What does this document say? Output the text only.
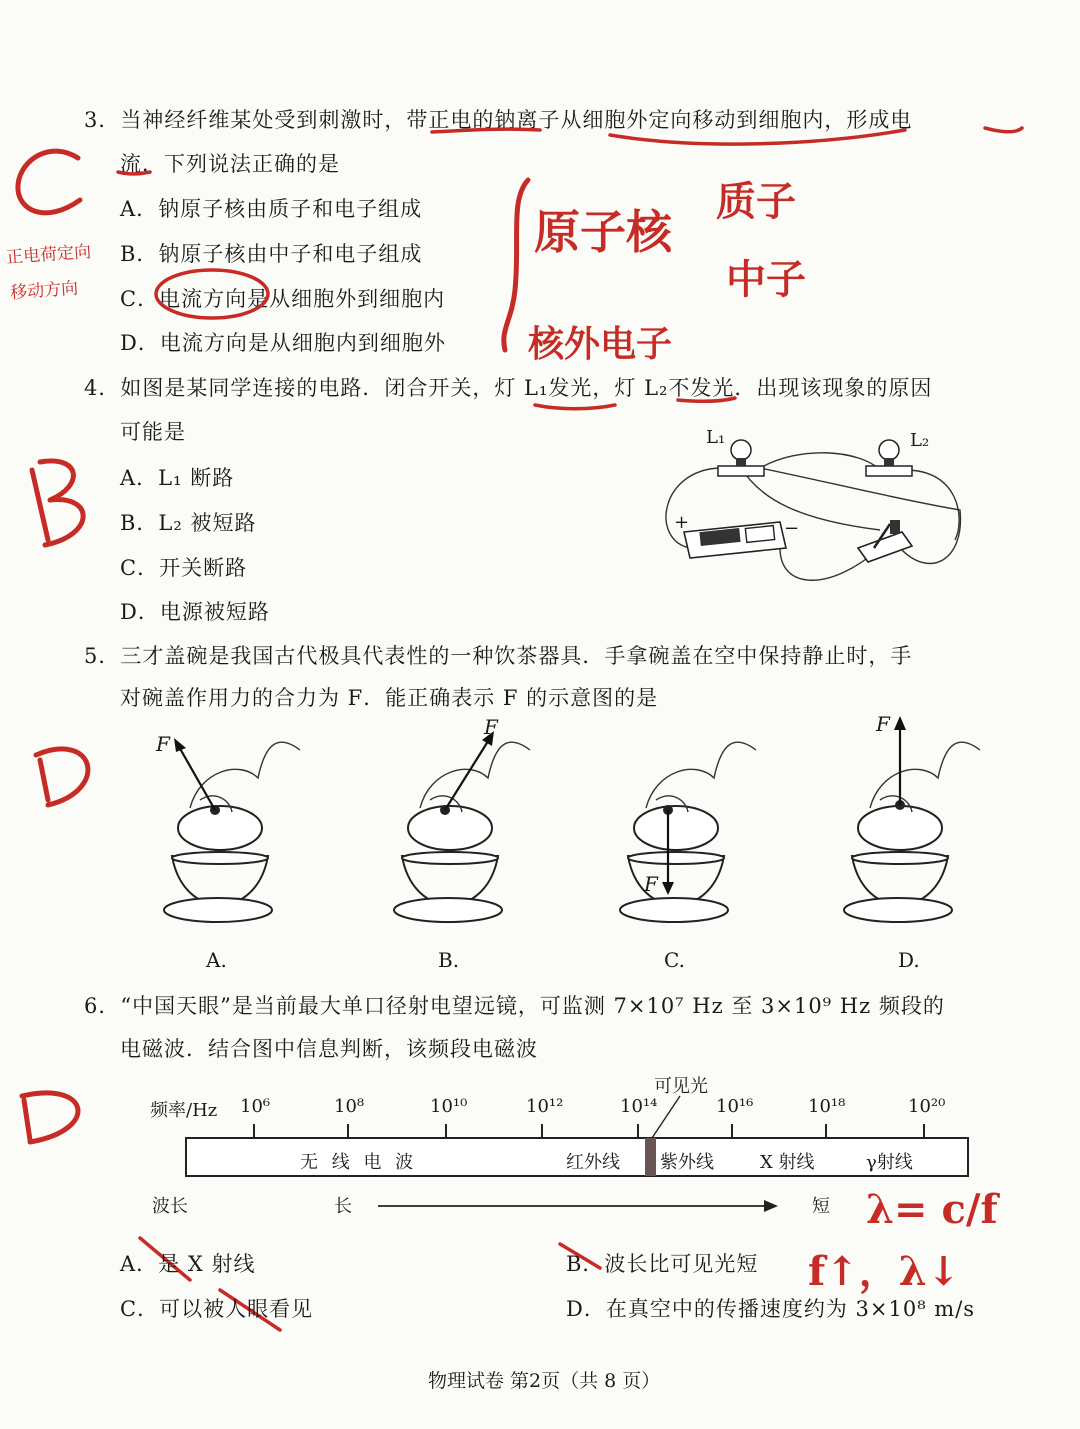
3．当神经纤维某处受到刺激时，带正电的钠离子从细胞外定向移动到细胞内，形成电
流．下列说法正确的是
A．钠原子核由质子和电子组成
B．钠原子核由中子和电子组成
C．电流方向是从细胞外到细胞内
D．电流方向是从细胞内到细胞外
4．如图是某同学连接的电路．闭合开关，灯 L₁发光，灯 L₂不发光．出现该现象的原因
可能是
A．L₁ 断路
B．L₂ 被短路
C．开关断路
D．电源被短路
5．三才盖碗是我国古代极具代表性的一种饮茶器具．手拿碗盖在空中保持静止时，手
对碗盖作用力的合力为 F．能正确表示 F 的示意图的是
F
F
F
F
A.	B.	C.	D.
L₁	L₂
+	−
6．“中国天眼”是当前最大单口径射电望远镜，可监测 7×10⁷ Hz 至 3×10⁹ Hz 频段的
电磁波．结合图中信息判断，该频段电磁波
频率/Hz 10⁶	10⁸	10¹⁰	10¹²	10¹⁴	10¹⁶	10¹⁸	10²⁰
可见光
无 线 电 波	红外线 紫外线	X 射线	γ射线
波长	长	短
A．是 X 射线	B．波长比可见光短
C．可以被人眼看见	D．在真空中的传播速度约为 3×10⁸ m/s
正电荷定向
移动方向
原子核
质子
中子
核外电子
λ= c/f
f↑，λ↓
物理试卷 第2页（共 8 页）
